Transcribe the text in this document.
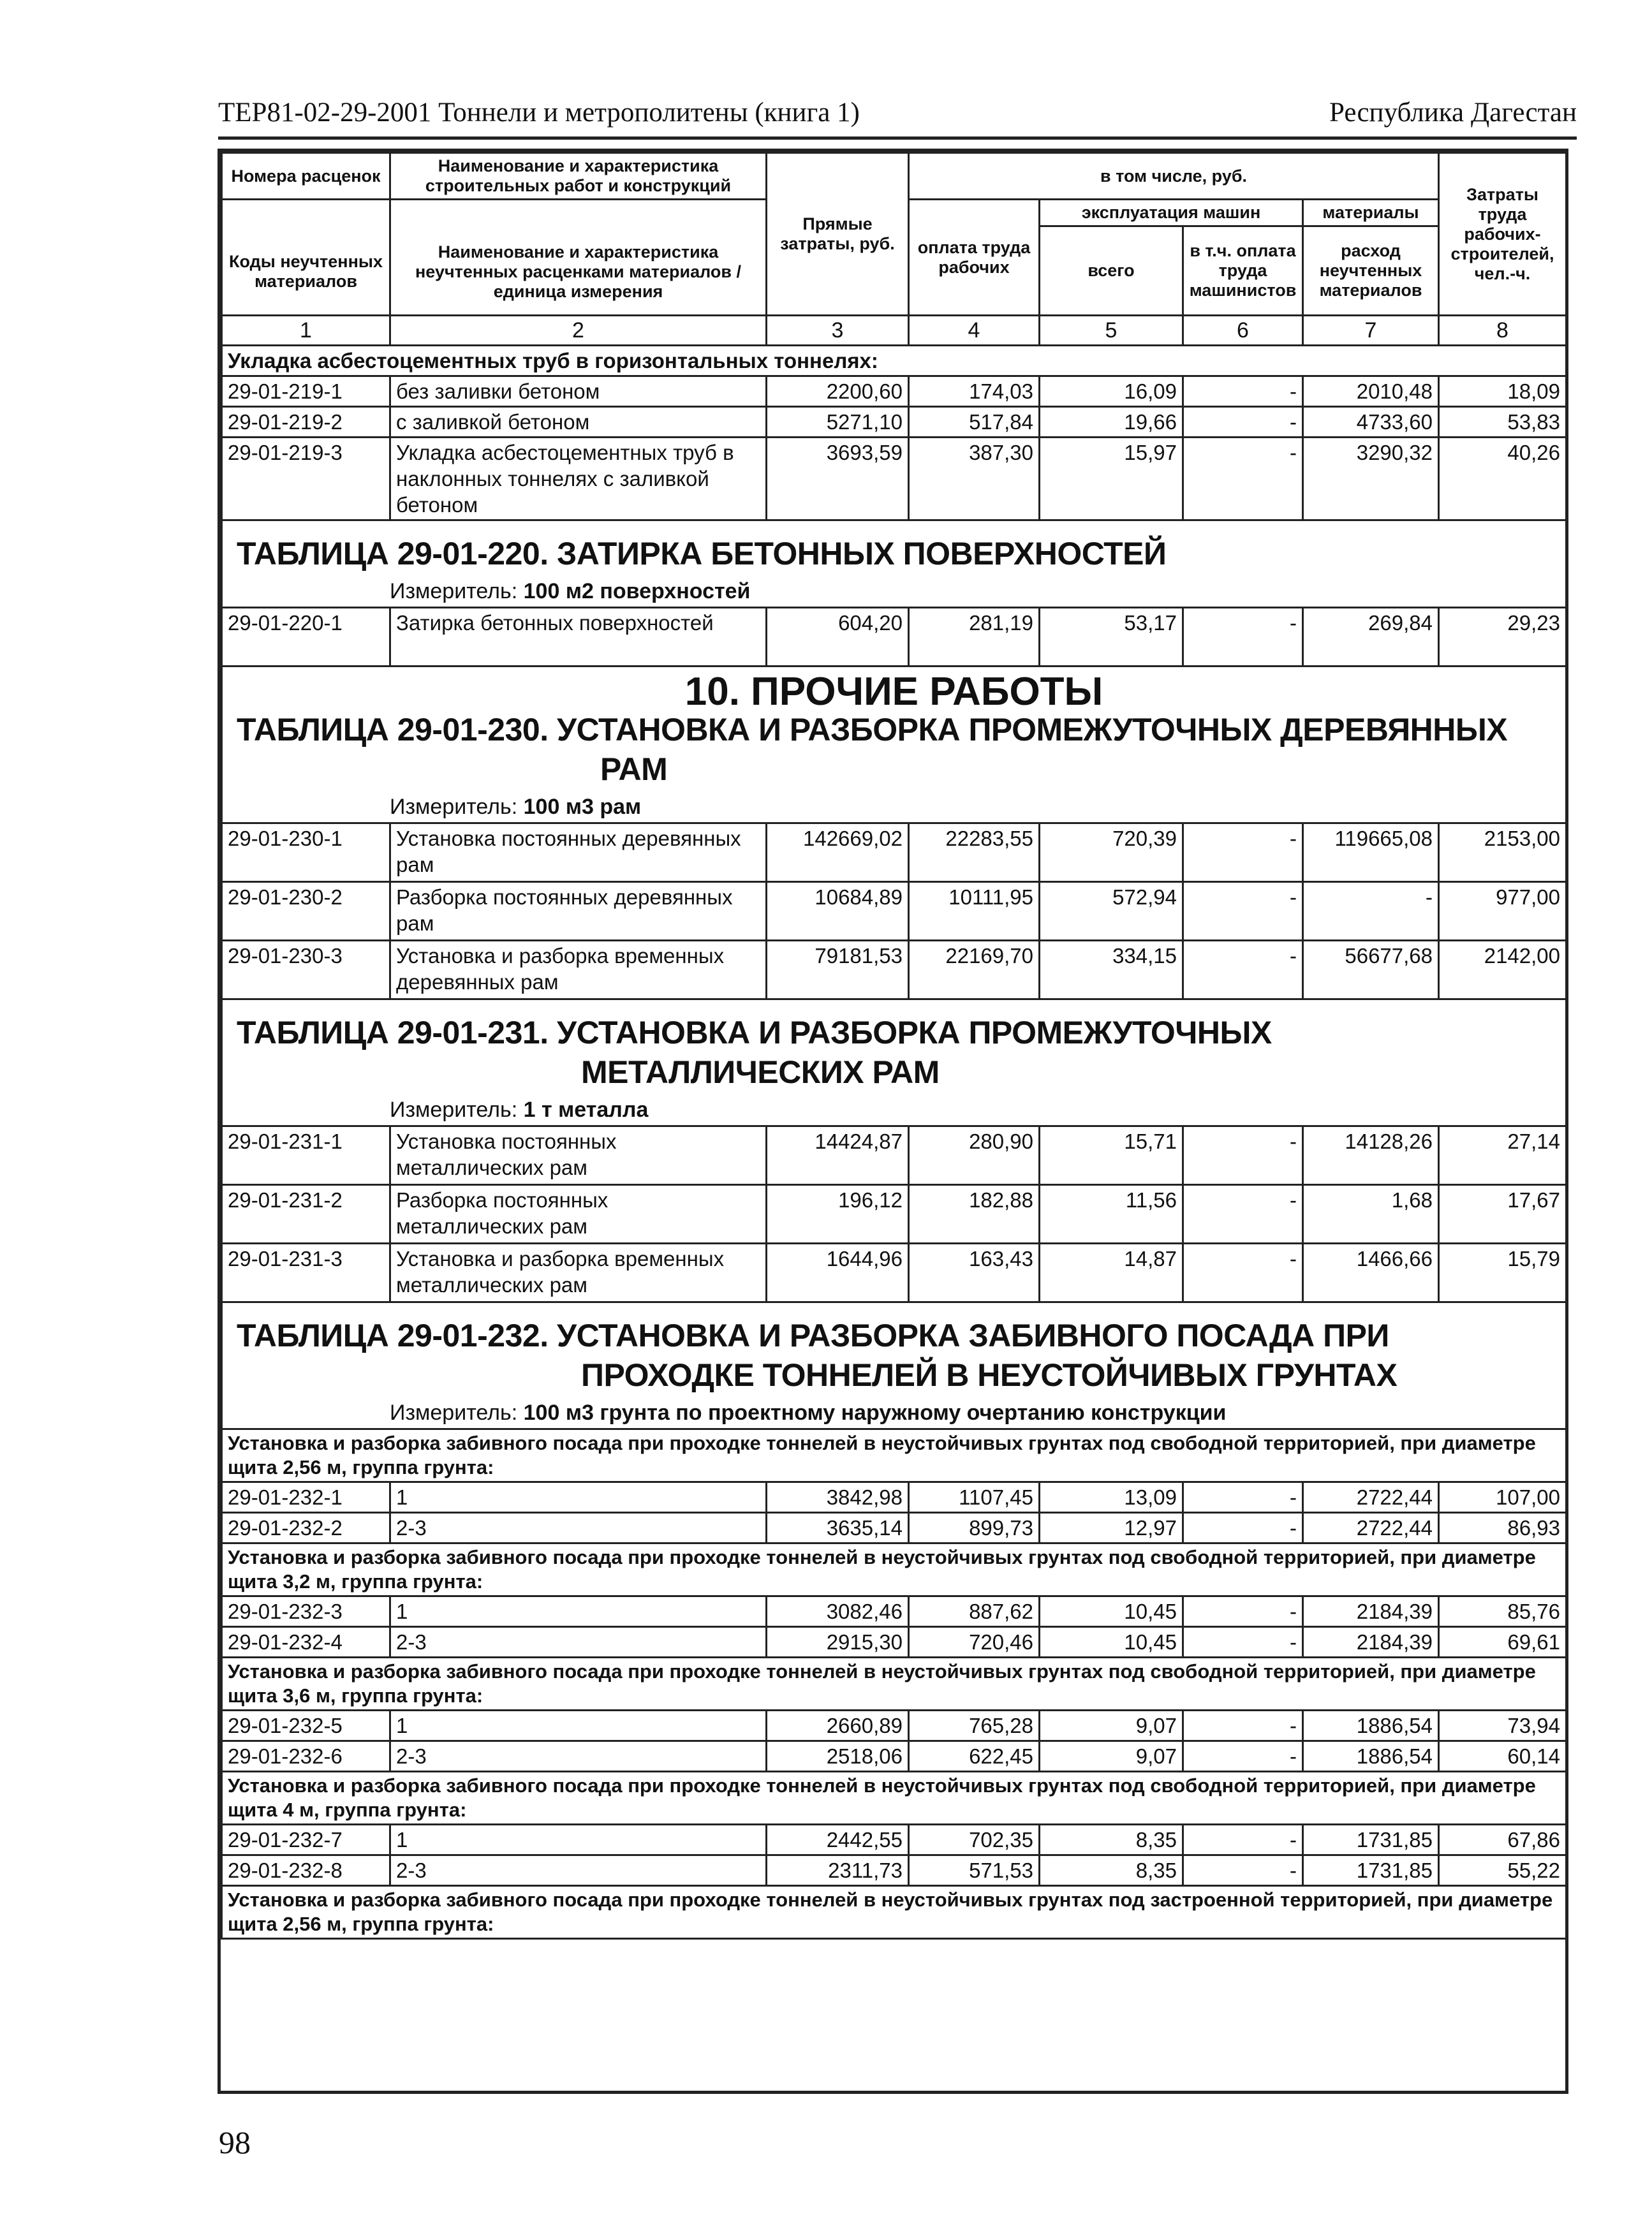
ТЕР81-02-29-2001 Тоннели и метрополитены (книга 1)	Республика Дагестан
Номера расценок	Наименование и характеристика строительных работ и конструкций	Прямые затраты, руб.	в том числе, руб.				Затраты труда рабочих-строителей, чел.-ч.

Коды неучтенных материалов	Наименование и характеристика неучтенных расценками материалов / единица измерения		оплата труда рабочих	эксплуатация машин		материалы	
				всего	в т.ч. оплата труда машинистов	расход неучтенных материалов	

1	2	3	4	5	6	7	8
Укладка асбестоцементных труб в горизонтальных тоннелях:							
29-01-219-1	без заливки бетоном	2200,60	174,03	16,09	-	2010,48	18,09
29-01-219-2	с заливкой бетоном	5271,10	517,84	19,66	-	4733,60	53,83
29-01-219-3	Укладка асбестоцементных труб в наклонных тоннелях с заливкой бетоном	3693,59	387,30	15,97	-	3290,32	40,26

ТАБЛИЦА 29-01-220. ЗАТИРКА БЕТОННЫХ ПОВЕРХНОСТЕЙ
Измеритель: 100 м2 поверхностей							

29-01-220-1	Затирка бетонных поверхностей	604,20	281,19	53,17	-	269,84	29,23

10. ПРОЧИЕ РАБОТЫ
ТАБЛИЦА 29-01-230. УСТАНОВКА И РАЗБОРКА ПРОМЕЖУТОЧНЫХ ДЕРЕВЯННЫХ
РАМ
Измеритель: 100 м3 рам							

29-01-230-1	Установка постоянных деревянных рам	142669,02	22283,55	720,39	-	119665,08	2153,00
29-01-230-2	Разборка постоянных деревянных рам	10684,89	10111,95	572,94	-	-	977,00
29-01-230-3	Установка и разборка временных деревянных рам	79181,53	22169,70	334,15	-	56677,68	2142,00

ТАБЛИЦА 29-01-231. УСТАНОВКА И РАЗБОРКА ПРОМЕЖУТОЧНЫХ
МЕТАЛЛИЧЕСКИХ РАМ
Измеритель: 1 т металла							

29-01-231-1	Установка постоянных металлических рам	14424,87	280,90	15,71	-	14128,26	27,14
29-01-231-2	Разборка постоянных металлических рам	196,12	182,88	11,56	-	1,68	17,67
29-01-231-3	Установка и разборка временных металлических рам	1644,96	163,43	14,87	-	1466,66	15,79

ТАБЛИЦА 29-01-232. УСТАНОВКА И РАЗБОРКА ЗАБИВНОГО ПОСАДА ПРИ
ПРОХОДКЕ ТОННЕЛЕЙ В НЕУСТОЙЧИВЫХ ГРУНТАХ
Измеритель: 100 м3 грунта по проектному наружному очертанию конструкции							

Установка и разборка забивного посада при проходке тоннелей в неустойчивых грунтах под свободной территорией, при диаметре щита 2,56 м, группа грунта:							
29-01-232-1	1	3842,98	1107,45	13,09	-	2722,44	107,00
29-01-232-2	2-3	3635,14	899,73	12,97	-	2722,44	86,93
Установка и разборка забивного посада при проходке тоннелей в неустойчивых грунтах под свободной территорией, при диаметре щита 3,2 м, группа грунта:							
29-01-232-3	1	3082,46	887,62	10,45	-	2184,39	85,76
29-01-232-4	2-3	2915,30	720,46	10,45	-	2184,39	69,61
Установка и разборка забивного посада при проходке тоннелей в неустойчивых грунтах под свободной территорией, при диаметре щита 3,6 м, группа грунта:							
29-01-232-5	1	2660,89	765,28	9,07	-	1886,54	73,94
29-01-232-6	2-3	2518,06	622,45	9,07	-	1886,54	60,14
Установка и разборка забивного посада при проходке тоннелей в неустойчивых грунтах под свободной территорией, при диаметре щита 4 м, группа грунта:							
29-01-232-7	1	2442,55	702,35	8,35	-	1731,85	67,86
29-01-232-8	2-3	2311,73	571,53	8,35	-	1731,85	55,22
Установка и разборка забивного посада при проходке тоннелей в неустойчивых грунтах под застроенной территорией, при диаметре щита 2,56 м, группа грунта:							
98
